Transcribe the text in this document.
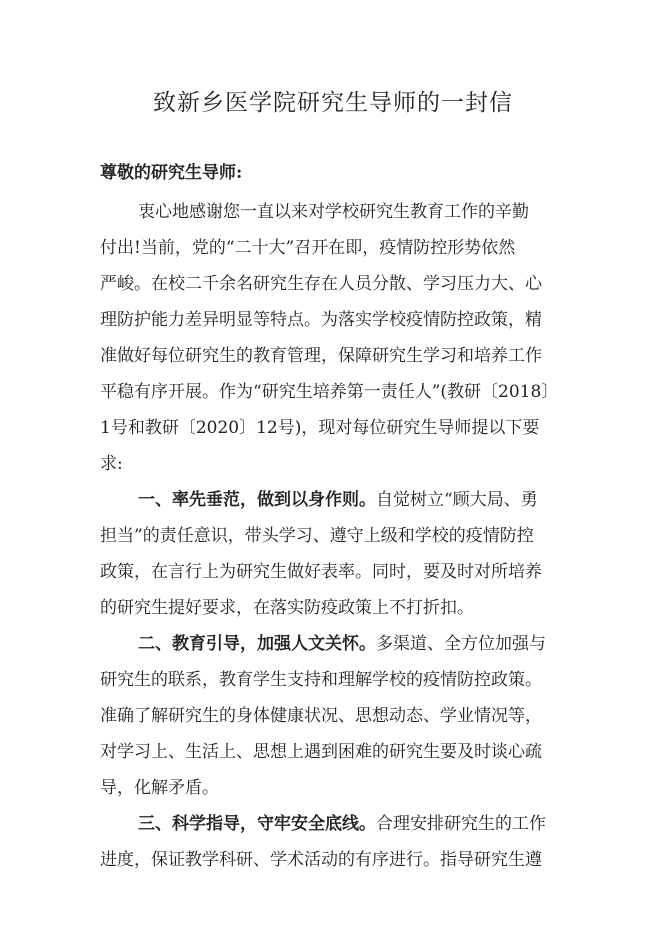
致新乡医学院研究生导师的一封信
尊敬的研究生导师:
衷心地感谢您一直以来对学校研究生教育工作的辛勤
付出!当前，党的“二十大”召开在即，疫情防控形势依然
严峻。在校二千余名研究生存在人员分散、学习压力大、心
理防护能力差异明显等特点。为落实学校疫情防控政策，精
准做好每位研究生的教育管理，保障研究生学习和培养工作
平稳有序开展。作为“研究生培养第一责任人”(教研〔2018〕
1号和教研〔2020〕12号)，现对每位研究生导师提以下要
求:
一、率先垂范，做到以身作则。自觉树立“顾大局、勇
担当”的责任意识，带头学习、遵守上级和学校的疫情防控
政策，在言行上为研究生做好表率。同时，要及时对所培养
的研究生提好要求，在落实防疫政策上不打折扣。
二、教育引导，加强人文关怀。多渠道、全方位加强与
研究生的联系，教育学生支持和理解学校的疫情防控政策。
准确了解研究生的身体健康状况、思想动态、学业情况等，
对学习上、生活上、思想上遇到困难的研究生要及时谈心疏
导，化解矛盾。
三、科学指导，守牢安全底线。合理安排研究生的工作
进度，保证教学科研、学术活动的有序进行。指导研究生遵
